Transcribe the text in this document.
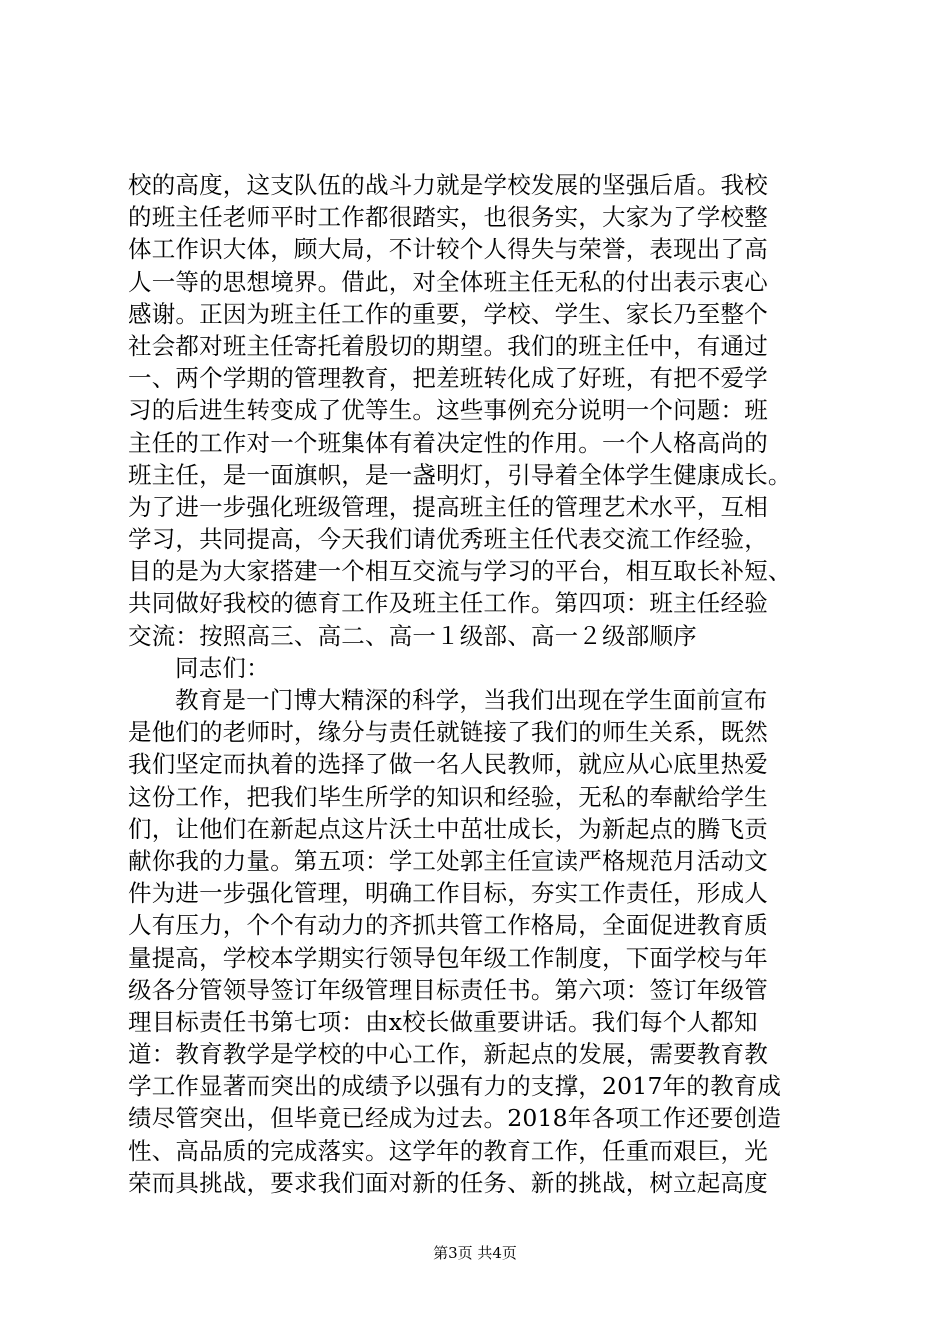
校的高度，这支队伍的战斗力就是学校发展的坚强后盾。我校
的班主任老师平时工作都很踏实，也很务实，大家为了学校整
体工作识大体，顾大局，不计较个人得失与荣誉，表现出了高
人一等的思想境界。借此，对全体班主任无私的付出表示衷心
感谢。正因为班主任工作的重要，学校、学生、家长乃至整个
社会都对班主任寄托着殷切的期望。我们的班主任中，有通过
一、两个学期的管理教育，把差班转化成了好班，有把不爱学
习的后进生转变成了优等生。这些事例充分说明一个问题：班
主任的工作对一个班集体有着决定性的作用。一个人格高尚的
班主任，是一面旗帜，是一盏明灯，引导着全体学生健康成长。
为了进一步强化班级管理，提高班主任的管理艺术水平，互相
学习，共同提高，今天我们请优秀班主任代表交流工作经验，
目的是为大家搭建一个相互交流与学习的平台，相互取长补短、
共同做好我校的德育工作及班主任工作。第四项：班主任经验
交流：按照高三、高二、高一１级部、高一２级部顺序
同志们：
教育是一门博大精深的科学，当我们出现在学生面前宣布
是他们的老师时，缘分与责任就链接了我们的师生关系，既然
我们坚定而执着的选择了做一名人民教师，就应从心底里热爱
这份工作，把我们毕生所学的知识和经验，无私的奉献给学生
们，让他们在新起点这片沃土中茁壮成长，为新起点的腾飞贡
献你我的力量。第五项：学工处郭主任宣读严格规范月活动文
件为进一步强化管理，明确工作目标，夯实工作责任，形成人
人有压力，个个有动力的齐抓共管工作格局，全面促进教育质
量提高，学校本学期实行领导包年级工作制度，下面学校与年
级各分管领导签订年级管理目标责任书。第六项：签订年级管
理目标责任书第七项：由x校长做重要讲话。我们每个人都知
道：教育教学是学校的中心工作，新起点的发展，需要教育教
学工作显著而突出的成绩予以强有力的支撑，2017年的教育成
绩尽管突出，但毕竟已经成为过去。2018年各项工作还要创造
性、高品质的完成落实。这学年的教育工作，任重而艰巨，光
荣而具挑战，要求我们面对新的任务、新的挑战，树立起高度
第3页 共4页
